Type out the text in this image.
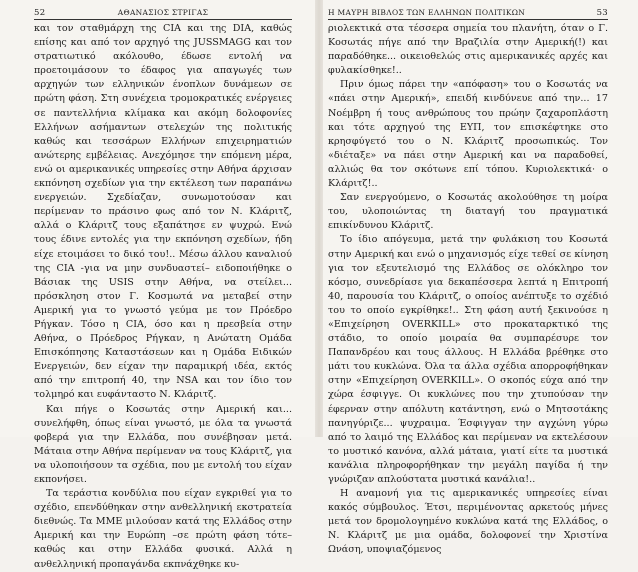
52	ΑΘΑΝΑΣΙΟΣ ΣΤΡΙΓΑΣ

και τον σταθμάρχη της CIA και της DIA, καθώς επίσης και από τον αρχηγό της JUSSMAGG και τον στρατιωτικό ακόλουθο, έδωσε εντολή να προετοιμάσουν το έδαφος για απαγωγές των αρχηγών των ελληνικών ένοπλων δυνάμεων σε πρώτη φάση. Στη συνέχεια τρομοκρατικές ενέργειες σε παντελλήνια κλίμακα και ακόμη δολοφονίες Ελλήνων ασήμαντων στελεχών της πολιτικής καθώς και τεσσάρων Ελλήνων επιχειρηματιών ανώτερης εμβέλειας. Ανεχόμησε την επόμενη μέρα, ενώ οι αμερικανικές υπηρεσίες στην Αθήνα άρχισαν εκπόνηση σχεδίων για την εκτέλεση των παραπάνω ενεργειών. Σχεδίαζαν, συνωμοτούσαν και περίμεναν το πράσινο φως από τον Ν. Κλάριτζ, αλλά ο Κλάριτζ τους εξαπάτησε εν ψυχρώ. Ενώ τους έδινε εντολές για την εκπόνηση σχεδίων, ήδη είχε ετοιμάσει το δικό του!.. Μέσω άλλου καναλιού της CIA -για να μην συνδυαστεί– ειδοποιήθηκε ο Βάσιακ της USIS στην Αθήνα, να στείλει... πρόσκληση στον Γ. Κοσμωτά να μεταβεί στην Αμερική για το γνωστό γεύμα με τον Πρόεδρο Ρήγκαν. Τόσο η CIA, όσο και η πρεσβεία στην Αθήνα, ο Πρόεδρος Ρήγκαν, η Ανώτατη Ομάδα Επισκόπησης Καταστάσεων και η Ομάδα Ειδικών Ενεργειών, δεν είχαν την παραμικρή ιδέα, εκτός από την επιτροπή 40, την NSA και τον ίδιο τον τολμηρό και ευφάνταστο Ν. Κλάριτζ.

Και πήγε ο Κοσωτάς στην Αμερική και... συνελήφθη, όπως είναι γνωστό, με όλα τα γνωστά φοβερά για την Ελλάδα, που συνέβησαν μετά. Μάταια στην Αθήνα περίμεναν να τους Κλάριτζ, για να υλοποιήσουν τα σχέδια, που με εντολή του είχαν εκπονήσει.

Τα τεράστια κονδύλια που είχαν εγκριθεί για το σχέδιο, επενδύθηκαν στην ανθελληνική εκστρατεία διεθνώς. Τα ΜΜΕ μιλούσαν κατά της Ελλάδος στην Αμερική και την Ευρώπη –σε πρώτη φάση τότε– καθώς και στην Ελλάδα φυσικά. Αλλά η ανθελληνική προπαγάνδα εκπνάχθηκε κυ-

Η ΜΑΥΡΗ ΒΙΒΛΟΣ ΤΩΝ ΕΛΛΗΝΩΝ ΠΟΛΙΤΙΚΩΝ	53

ριολεκτικά στα τέσσερα σημεία του πλανήτη, όταν ο Γ. Κοσωτάς πήγε από την Βραζιλία στην Αμερική(!) και παραδόθηκε... οικειοθελώς στις αμερικανικές αρχές και φυλακίσθηκε!..

Πριν όμως πάρει την «απόφαση» του ο Κοσωτάς να «πάει στην Αμερική», επειδή κινδύνευε από την... 17 Νοέμβρη ή τους ανθρώπους του πρώην ζαχαροπλάστη και τότε αρχηγού της ΕΥΠ, τον επισκέφτηκε στο κρησφύγετό του ο Ν. Κλάριτζ προσωπικώς. Τον «διέταξε» να πάει στην Αμερική και να παραδοθεί, αλλιώς θα τον σκότωνε επί τόπου. Κυριολεκτικά· ο Κλάριτζ!..

Σαν ενεργούμενο, ο Κοσωτάς ακολούθησε τη μοίρα του, υλοποιώντας τη διαταγή του πραγματικά επικίνδυνου Κλάριτζ.

Το ίδιο απόγευμα, μετά την φυλάκιση του Κοσωτά στην Αμερική και ενώ ο μηχανισμός είχε τεθεί σε κίνηση για τον εξευτελισμό της Ελλάδος σε ολόκληρο τον κόσμο, συνεδρίασε για δεκαπέσσερα λεπτά η Επιτροπή 40, παρουσία του Κλάριτζ, ο οποίος ανέπτυξε το σχέδιό του το οποίο εγκρίθηκε!.. Στη φάση αυτή ξεκινούσε η «Επιχείρηση OVERKILL» στο προκαταρκτικό της στάδιο, το οποίο μοιραία θα συμπαρέσυρε τον Παπανδρέου και τους άλλους. Η Ελλάδα βρέθηκε στο μάτι του κυκλώνα. Όλα τα άλλα σχέδια απορροφήθηκαν στην «Επιχείρηση OVERKILL». Ο σκοπός εύχα από την χώρα έσφιγγε. Οι κυκλώνες που την χτυπούσαν την έφερναν στην απόλυτη κατάντηση, ενώ ο Μητσοτάκης πανηγύριζε... ψυχραιμα. Έσφιγγαν την αγχώνη γύρω από το λαιμό της Ελλάδος και περίμεναν να εκτελέσουν το μυστικό κανόνα, αλλά μάταια, γιατί είτε τα μυστικά κανάλια πληροφορήθηκαν την μεγάλη παγίδα ή την γνώριζαν απλούστατα μυστικά κανάλια!..

Η αναμονή για τις αμερικανικές υπηρεσίες είναι κακός σύμβουλος. Έτσι, περιμένοντας αρκετούς μήνες μετά τον δρομολογημένο κυκλώνα κατά της Ελλάδος, ο Ν. Κλάριτζ με μια ομάδα, δολοφονεί την Χριστίνα Ωνάση, υποψιαζόμενος
